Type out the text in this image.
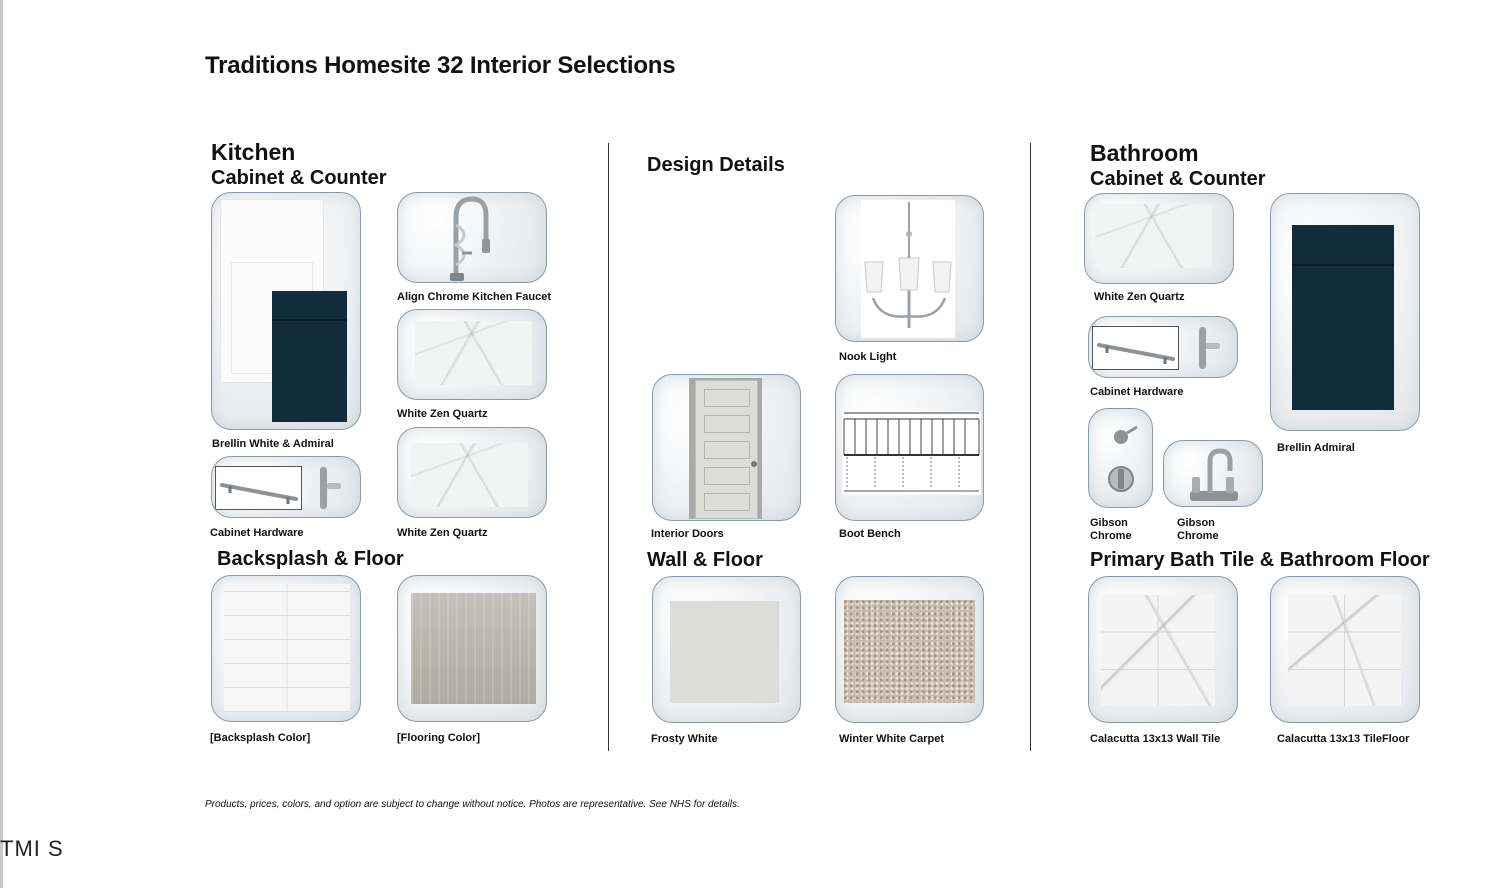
Traditions Homesite 32 Interior Selections
Kitchen
Cabinet & Counter
Brellin White & Admiral
Align Chrome Kitchen Faucet
White Zen Quartz
Cabinet Hardware	White Zen Quartz
Backsplash & Floor
[Backsplash Color]	[Flooring Color]
Design Details
Nook Light
Interior Doors	Boot Bench
Wall & Floor
Frosty White	Winter White Carpet
Bathroom
Cabinet & Counter
White Zen Quartz
Brellin Admiral
Cabinet Hardware
Gibson
Chrome
Gibson
Chrome
Primary Bath Tile & Bathroom Floor
Calacutta 13x13 Wall Tile	Calacutta 13x13 TileFloor
Products, prices, colors, and option are subject to change without notice. Photos are representative. See NHS for details.
TMI S
